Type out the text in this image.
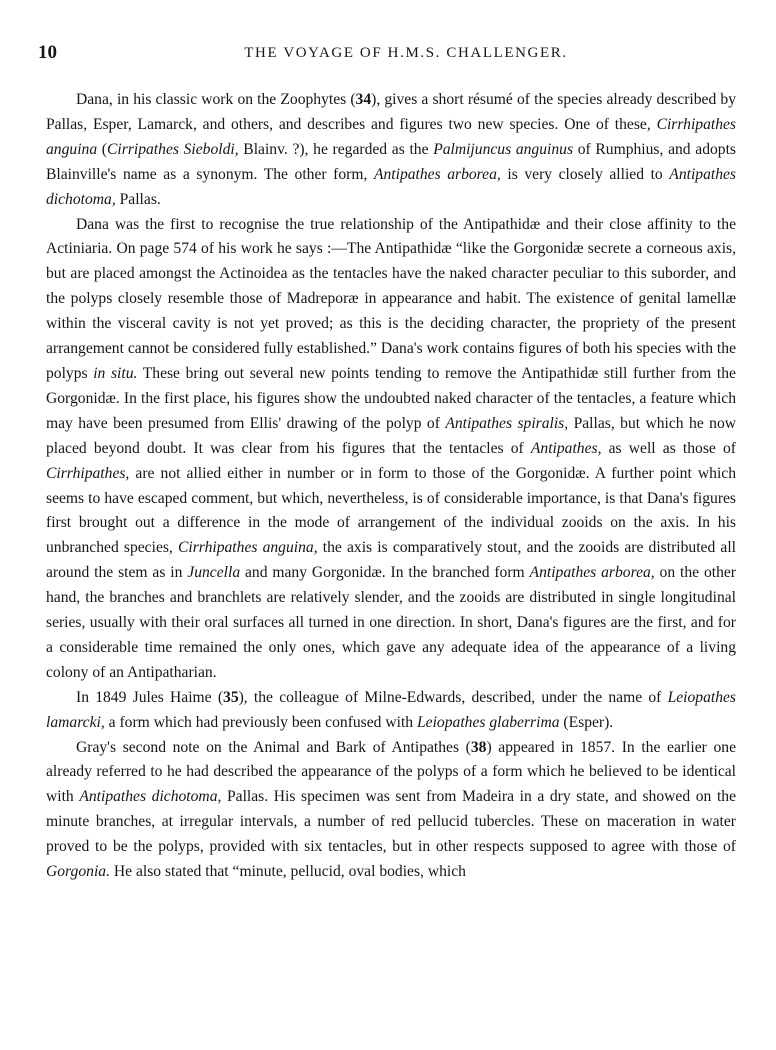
10	THE VOYAGE OF H.M.S. CHALLENGER.

Dana, in his classic work on the Zoophytes (34), gives a short résumé of the species already described by Pallas, Esper, Lamarck, and others, and describes and figures two new species. One of these, Cirrhipathes anguina (Cirripathes Sieboldi, Blainv. ?), he regarded as the Palmijuncus anguinus of Rumphius, and adopts Blainville's name as a synonym. The other form, Antipathes arborea, is very closely allied to Antipathes dichotoma, Pallas.

Dana was the first to recognise the true relationship of the Antipathidæ and their close affinity to the Actiniaria. On page 574 of his work he says :—The Antipathidæ “like the Gorgonidæ secrete a corneous axis, but are placed amongst the Actinoidea as the tentacles have the naked character peculiar to this suborder, and the polyps closely resemble those of Madreporæ in appearance and habit. The existence of genital lamellæ within the visceral cavity is not yet proved; as this is the deciding character, the propriety of the present arrangement cannot be considered fully established.” Dana's work contains figures of both his species with the polyps in situ. These bring out several new points tending to remove the Antipathidæ still further from the Gorgonidæ. In the first place, his figures show the undoubted naked character of the tentacles, a feature which may have been presumed from Ellis' drawing of the polyp of Antipathes spiralis, Pallas, but which he now placed beyond doubt. It was clear from his figures that the tentacles of Antipathes, as well as those of Cirrhipathes, are not allied either in number or in form to those of the Gorgonidæ. A further point which seems to have escaped comment, but which, nevertheless, is of considerable importance, is that Dana's figures first brought out a difference in the mode of arrangement of the individual zooids on the axis. In his unbranched species, Cirrhipathes anguina, the axis is comparatively stout, and the zooids are distributed all around the stem as in Juncella and many Gorgonidæ. In the branched form Antipathes arborea, on the other hand, the branches and branchlets are relatively slender, and the zooids are distributed in single longitudinal series, usually with their oral surfaces all turned in one direction. In short, Dana's figures are the first, and for a considerable time remained the only ones, which gave any adequate idea of the appearance of a living colony of an Antipatharian.

In 1849 Jules Haime (35), the colleague of Milne-Edwards, described, under the name of Leiopathes lamarcki, a form which had previously been confused with Leiopathes glaberrima (Esper).

Gray's second note on the Animal and Bark of Antipathes (38) appeared in 1857. In the earlier one already referred to he had described the appearance of the polyps of a form which he believed to be identical with Antipathes dichotoma, Pallas. His specimen was sent from Madeira in a dry state, and showed on the minute branches, at irregular intervals, a number of red pellucid tubercles. These on maceration in water proved to be the polyps, provided with six tentacles, but in other respects supposed to agree with those of Gorgonia. He also stated that “minute, pellucid, oval bodies, which
